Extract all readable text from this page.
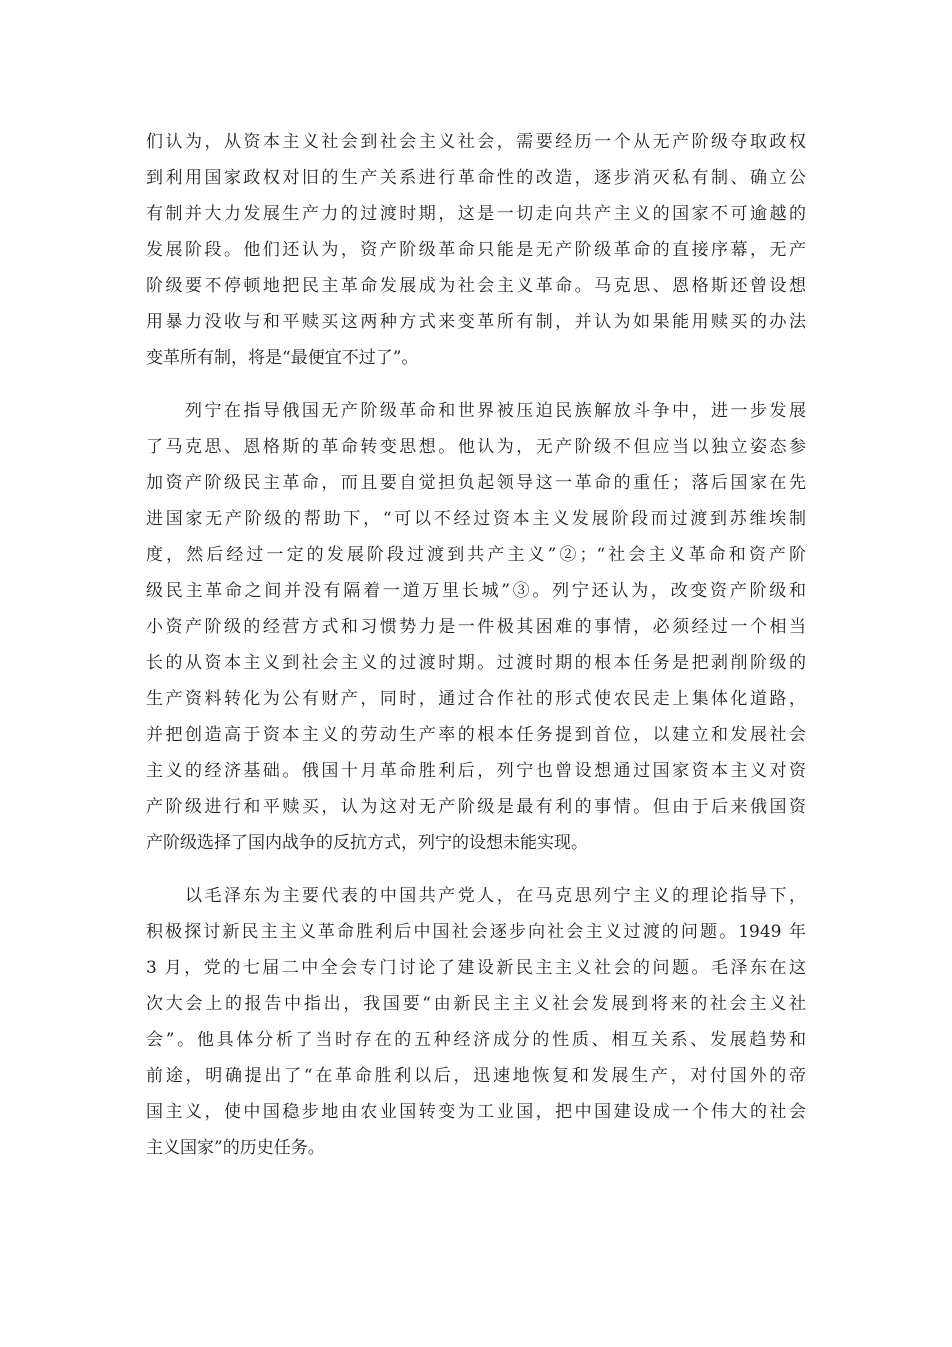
们认为，从资本主义社会到社会主义社会，需要经历一个从无产阶级夺取政权
到利用国家政权对旧的生产关系进行革命性的改造，逐步消灭私有制、确立公
有制并大力发展生产力的过渡时期，这是一切走向共产主义的国家不可逾越的
发展阶段。他们还认为，资产阶级革命只能是无产阶级革命的直接序幕，无产
阶级要不停顿地把民主革命发展成为社会主义革命。马克思、恩格斯还曾设想
用暴力没收与和平赎买这两种方式来变革所有制，并认为如果能用赎买的办法
变革所有制，将是“最便宜不过了”。
　　列宁在指导俄国无产阶级革命和世界被压迫民族解放斗争中，进一步发展
了马克思、恩格斯的革命转变思想。他认为，无产阶级不但应当以独立姿态参
加资产阶级民主革命，而且要自觉担负起领导这一革命的重任；落后国家在先
进国家无产阶级的帮助下，“可以不经过资本主义发展阶段而过渡到苏维埃制
度，然后经过一定的发展阶段过渡到共产主义”②；“社会主义革命和资产阶
级民主革命之间并没有隔着一道万里长城”③。列宁还认为，改变资产阶级和
小资产阶级的经营方式和习惯势力是一件极其困难的事情，必须经过一个相当
长的从资本主义到社会主义的过渡时期。过渡时期的根本任务是把剥削阶级的
生产资料转化为公有财产，同时，通过合作社的形式使农民走上集体化道路，
并把创造高于资本主义的劳动生产率的根本任务提到首位，以建立和发展社会
主义的经济基础。俄国十月革命胜利后，列宁也曾设想通过国家资本主义对资
产阶级进行和平赎买，认为这对无产阶级是最有利的事情。但由于后来俄国资
产阶级选择了国内战争的反抗方式，列宁的设想未能实现。
　　以毛泽东为主要代表的中国共产党人，在马克思列宁主义的理论指导下，
积极探讨新民主主义革命胜利后中国社会逐步向社会主义过渡的问题。1949 年
3 月，党的七届二中全会专门讨论了建设新民主主义社会的问题。毛泽东在这
次大会上的报告中指出，我国要“由新民主主义社会发展到将来的社会主义社
会”。他具体分析了当时存在的五种经济成分的性质、相互关系、发展趋势和
前途，明确提出了“在革命胜利以后，迅速地恢复和发展生产，对付国外的帝
国主义，使中国稳步地由农业国转变为工业国，把中国建设成一个伟大的社会
主义国家”的历史任务。
